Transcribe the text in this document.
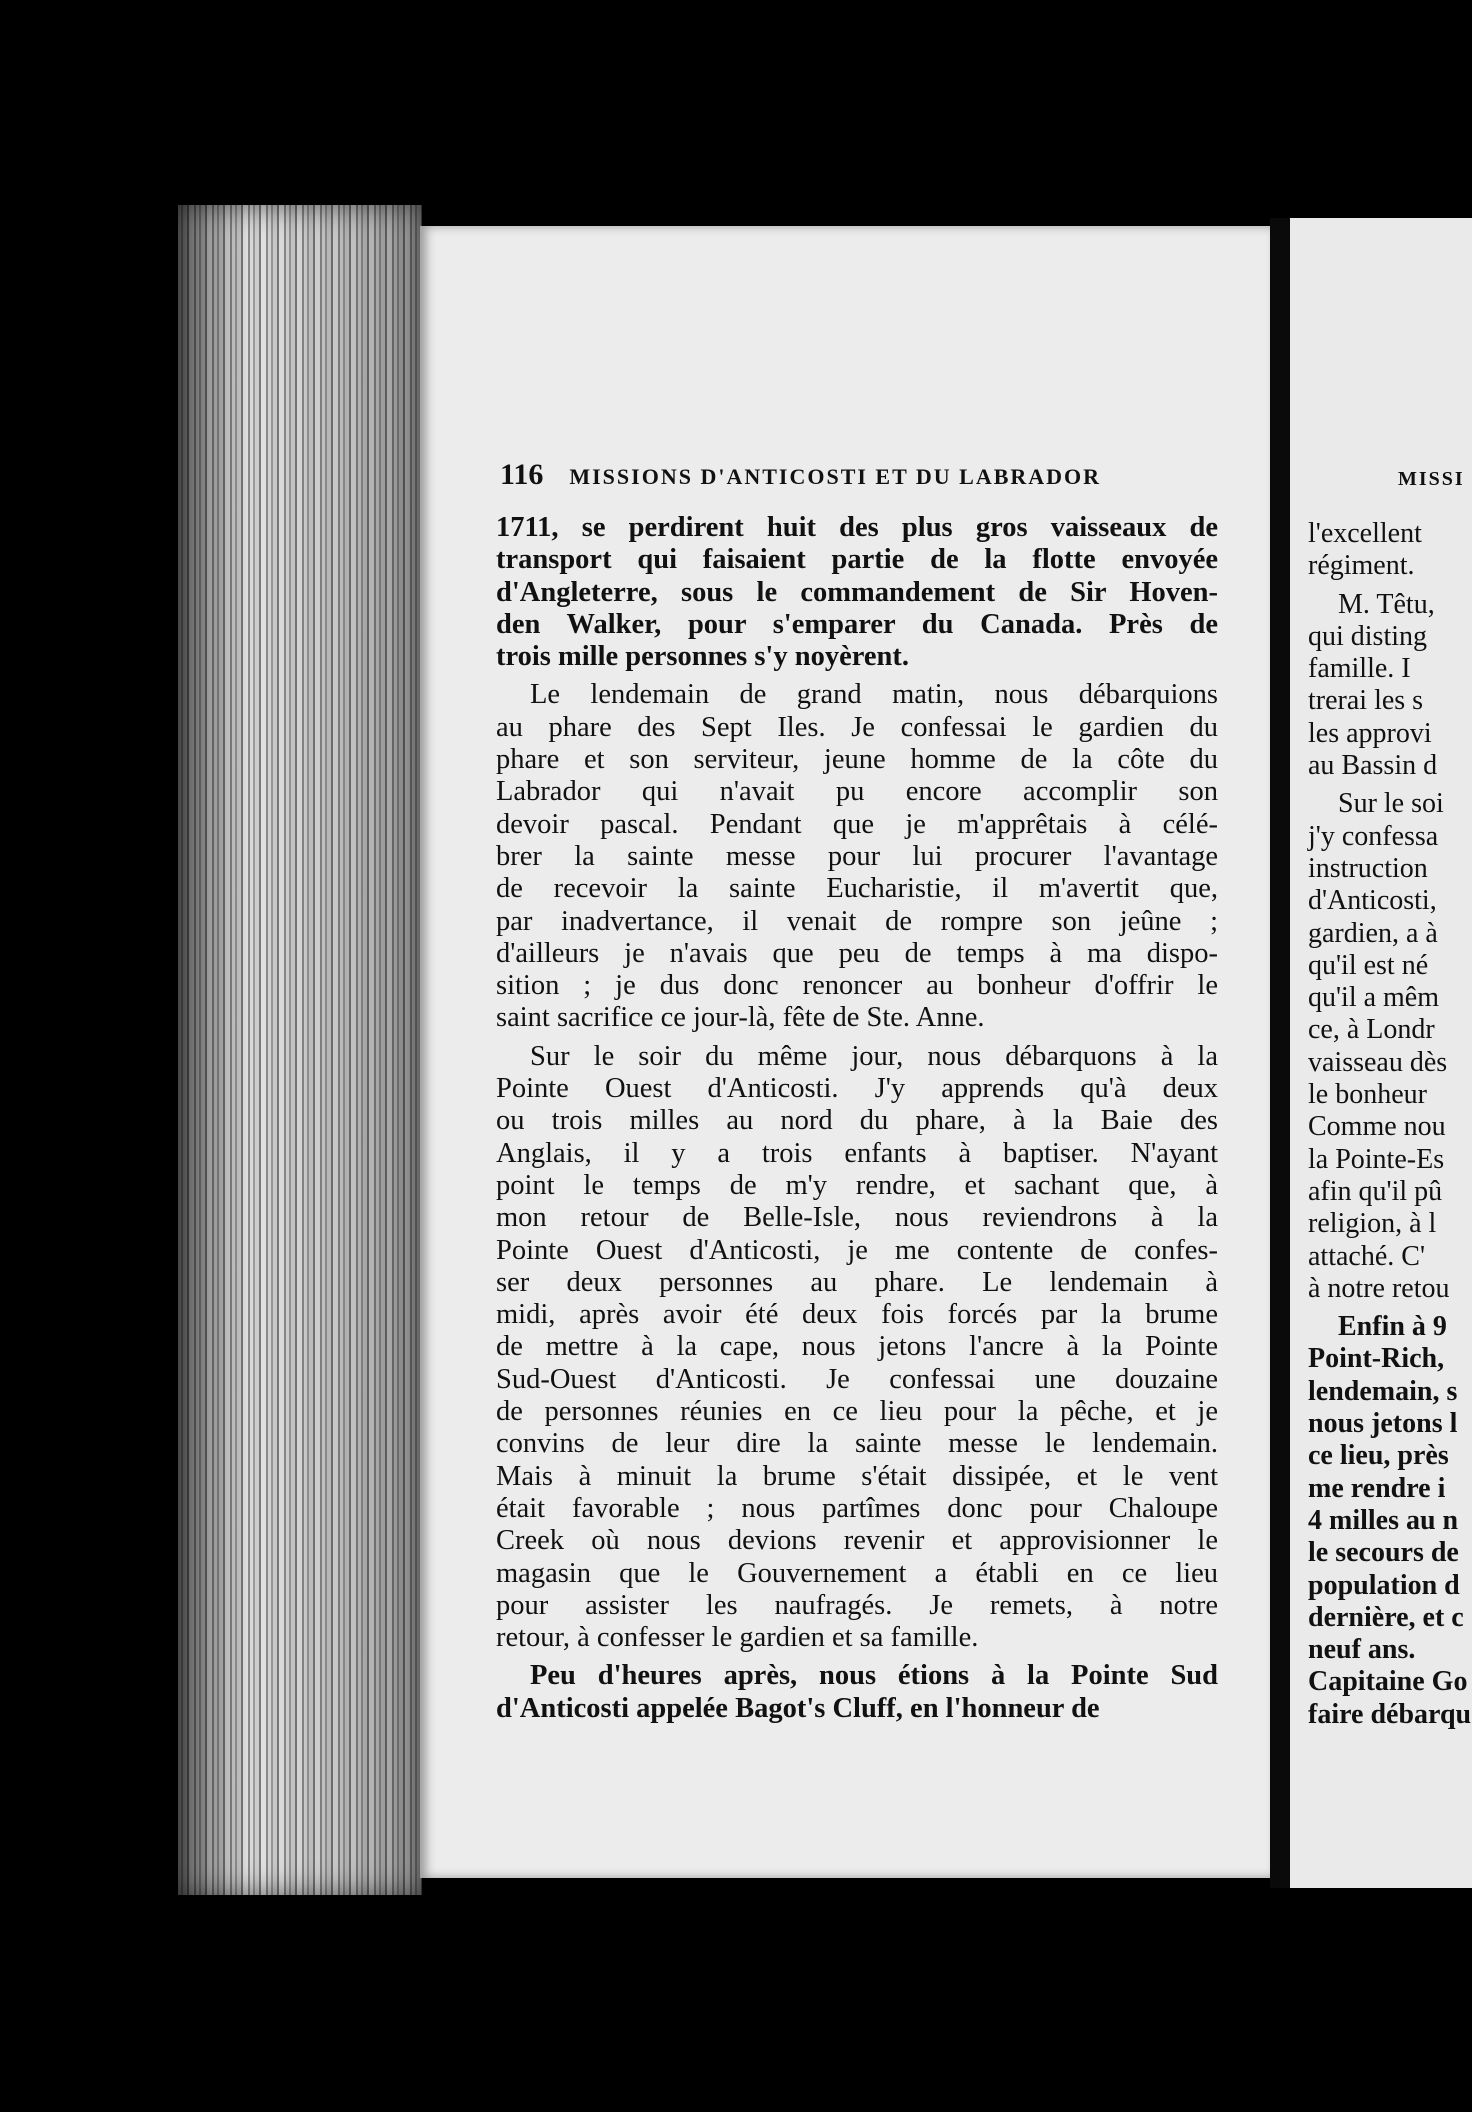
116 MISSIONS D'ANTICOSTI ET DU LABRADOR

1711, se perdirent huit des plus gros vaisseaux de
transport qui faisaient partie de la flotte envoyée
d'Angleterre, sous le commandement de Sir Hoven-
den Walker, pour s'emparer du Canada. Près de
trois mille personnes s'y noyèrent.

Le lendemain de grand matin, nous débarquions
au phare des Sept Iles. Je confessai le gardien du
phare et son serviteur, jeune homme de la côte du
Labrador qui n'avait pu encore accomplir son
devoir pascal. Pendant que je m'apprêtais à célé-
brer la sainte messe pour lui procurer l'avantage
de recevoir la sainte Eucharistie, il m'avertit que,
par inadvertance, il venait de rompre son jeûne ;
d'ailleurs je n'avais que peu de temps à ma dispo-
sition ; je dus donc renoncer au bonheur d'offrir le
saint sacrifice ce jour-là, fête de Ste. Anne.

Sur le soir du même jour, nous débarquons à la
Pointe Ouest d'Anticosti. J'y apprends qu'à deux
ou trois milles au nord du phare, à la Baie des
Anglais, il y a trois enfants à baptiser. N'ayant
point le temps de m'y rendre, et sachant que, à
mon retour de Belle-Isle, nous reviendrons à la
Pointe Ouest d'Anticosti, je me contente de confes-
ser deux personnes au phare. Le lendemain à
midi, après avoir été deux fois forcés par la brume
de mettre à la cape, nous jetons l'ancre à la Pointe
Sud-Ouest d'Anticosti. Je confessai une douzaine
de personnes réunies en ce lieu pour la pêche, et je
convins de leur dire la sainte messe le lendemain.
Mais à minuit la brume s'était dissipée, et le vent
était favorable ; nous partîmes donc pour Chaloupe
Creek où nous devions revenir et approvisionner le
magasin que le Gouvernement a établi en ce lieu
pour assister les naufragés. Je remets, à notre
retour, à confesser le gardien et sa famille.

Peu d'heures après, nous étions à la Pointe Sud
d'Anticosti appelée Bagot's Cluff, en l'honneur de

MISSI
l'excellent
régiment.
M. Têtu,
qui disting
famille. I
trerai les s
les approvi
au Bassin d
Sur le soi
j'y confessa
instruction
d'Anticosti,
gardien, a à
qu'il est né
qu'il a mêm
ce, à Londr
vaisseau dès
le bonheur
Comme nou
la Pointe-Es
afin qu'il pû
religion, à l
attaché. C'
à notre retou
Enfin à 9
Point-Rich,
lendemain, s
nous jetons l
ce lieu, près
me rendre i
4 milles au n
le secours de
population d
dernière, et c
neuf ans.
Capitaine Go
faire débarqu
